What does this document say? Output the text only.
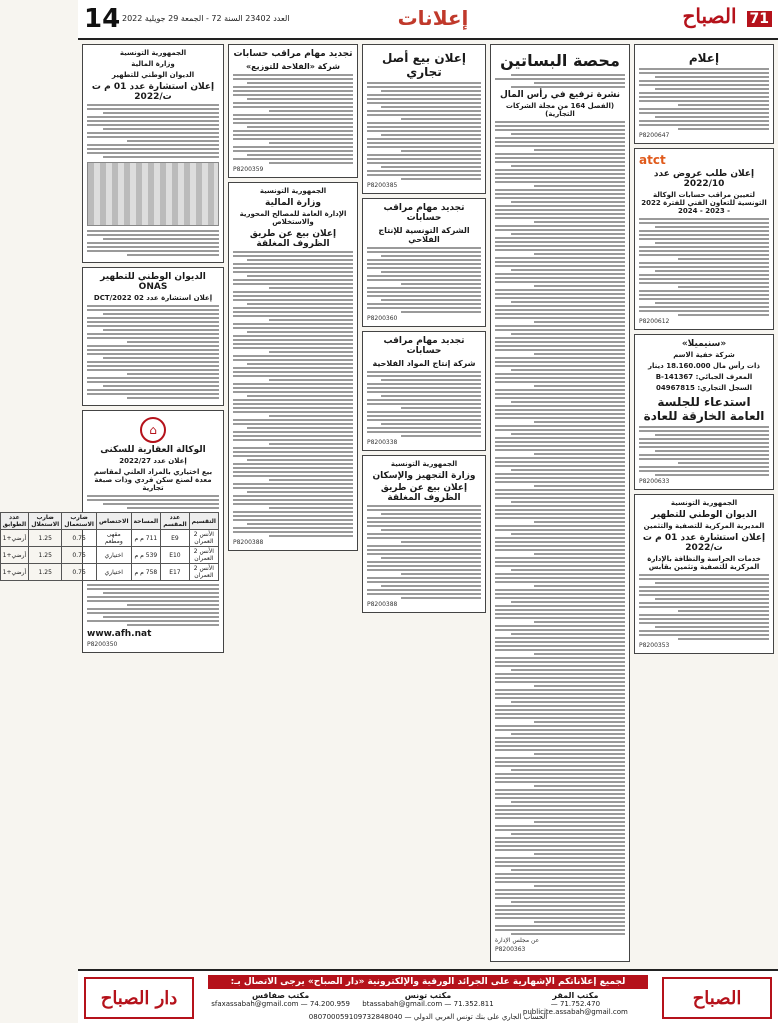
14 العدد 23402 السنة 72 - الجمعة 29 جويلية 2022	إعلانات	71 الصباح
إعلام
P8200647
atct
إعلان طلب عروض عدد 2022/10
لتعيين مراقب حسابات الوكالة التونسية للتعاون الفني للفترة 2022 - 2023 - 2024
P8200612
«سنيميلا»
شركة خفية الاسم
ذات رأس مال 18.160.000 دينار
المعرف الجبائي: 141367-B
السجل التجاري: 04967815
استدعاء للجلسة العامة الخارقة للعادة
P8200633
الجمهورية التونسية
الديوان الوطني للتطهير
المديرية المركزية للتصفية والتثمين
إعلان استشارة عدد 01 م ت ت/2022
خدمات الحراسة والنظافة بالإدارة المركزية للتصفية وتثمين بقابس
P8200353
محصة البساتين
نشرة ترفيع في رأس المال
(الفصل 164 من مجلة الشركات التجارية)
عن مجلس الإدارة
P8200363
إعلان بيع أصل تجاري
P8200385
تجديد مهام مراقب حسابات
الشركة التونسية للإنتاج الفلاحي
P8200360
تجديد مهام مراقب حسابات
شركة إنتاج المواد الفلاحية
P8200338
الجمهورية التونسية
وزارة التجهيز والإسكان
إعلان بيع عن طريق الظروف المغلقة
P8200388
تجديد مهام مراقب حسابات
شركة «الفلاحة للتوزيع»
P8200359
الجمهورية التونسية
وزارة المالية
الإدارة العامة للمصالح المحورية والاستخلاص
إعلان بيع عن طريق الظروف المغلقة
P8200388
الجمهورية التونسية
وزارة المالية
الديوان الوطني للتطهير
إعلان استشارة عدد 01 م ت ت/2022
الديوان الوطني للتطهير ONAS
إعلان استشارة عدد 02 DCT/2022
⌂
الوكالة العقارية للسكنى
إعلان عدد 2022/27
بيع اختياري بالمزاد العلني لمقاسم معدة لصنع سكن فردي وذات صبغة تجارية
التقسيم	عدد المقسم	المساحة	الاختصاص	ضارب الاستعمال	ضارب الاستغلال	عدد الطوابق
الأنس 2 العمران	E9	711 م م	مقهى ومطعم	0.75	1.25	أرضي+1
الأنس 2 العمران	E10	539 م م	اختياري	0.75	1.25	أرضي+1
الأنس 2 العمران	E17	758 م م	اختياري	0.75	1.25	أرضي+1
www.afh.nat
P8200350
الصباح
لجميع إعلاناتكم الإشهارية على الجرائد الورقية والإلكترونية «دار الصباح» يرجى الاتصال بـ:
مكتب المقر
71.752.470 — publicite.assabah@gmail.com
مكتب تونس
71.352.811 — btassabah@gmail.com
مكتب صفاقس
74.200.959 — sfaxassabah@gmail.com
080700059109732848040 — الحساب الجاري على بنك تونس العربي الدولي
دار الصباح
